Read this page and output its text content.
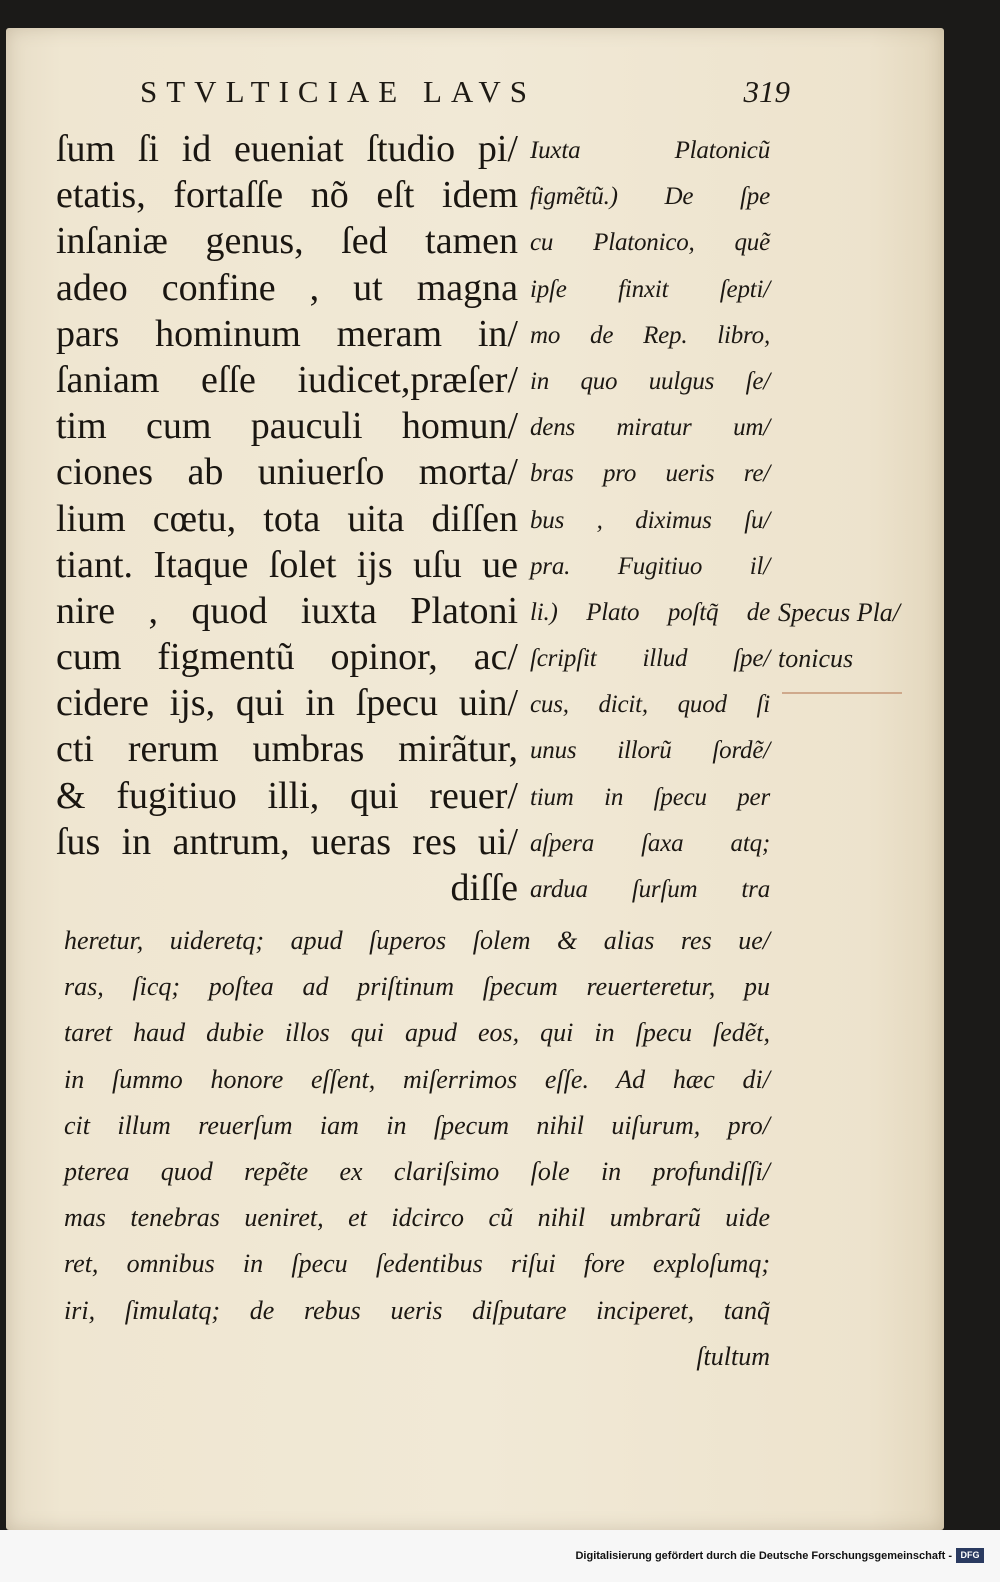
STVLTICIAE LAVS	319
ſum ſi id eueniat ſtudio pi/
etatis, fortaſſe nõ eſt idem
inſaniæ genus, ſed tamen
adeo confine , ut magna
pars hominum meram in/
ſaniam eſſe iudicet,præſer/
tim cum pauculi homun/
ciones ab uniuerſo morta/
lium cœtu, tota uita diſſen
tiant. Itaque ſolet ijs uſu ue
nire , quod iuxta Platoni
cum figmentũ opinor, ac/
cidere ijs, qui in ſpecu uin/
cti rerum umbras mirãtur,
& fugitiuo illi, qui reuer/
ſus in antrum, ueras res ui/
diſſe
Iuxta Platonicũ
figmẽtũ.) De ſpe
cu Platonico, quẽ
ipſe finxit ſepti/
mo de Rep. libro,
in quo uulgus ſe/
dens miratur um/
bras pro ueris re/
bus , diximus ſu/
pra. Fugitiuo il/
li.) Plato poſtq̃ de
ſcripſit illud ſpe/
cus, dicit, quod ſi
unus illorũ ſordẽ/
tium in ſpecu per
aſpera ſaxa atq;
ardua ſurſum tra
Specus Pla/
tonicus
heretur, uideretq; apud ſuperos ſolem & alias res ue/
ras, ſicq; poſtea ad priſtinum ſpecum reuerteretur, pu
taret haud dubie illos qui apud eos, qui in ſpecu ſedẽt,
in ſummo honore eſſent, miſerrimos eſſe. Ad hæc di/
cit illum reuerſum iam in ſpecum nihil uiſurum, pro/
pterea quod repẽte ex clariſsimo ſole in profundiſſi/
mas tenebras ueniret, et idcirco cũ nihil umbrarũ uide
ret, omnibus in ſpecu ſedentibus riſui fore exploſumq;
iri, ſimulatq; de rebus ueris diſputare inciperet, tanq̃
ſtultum
Digitalisierung gefördert durch die Deutsche Forschungsgemeinschaft - DFG
